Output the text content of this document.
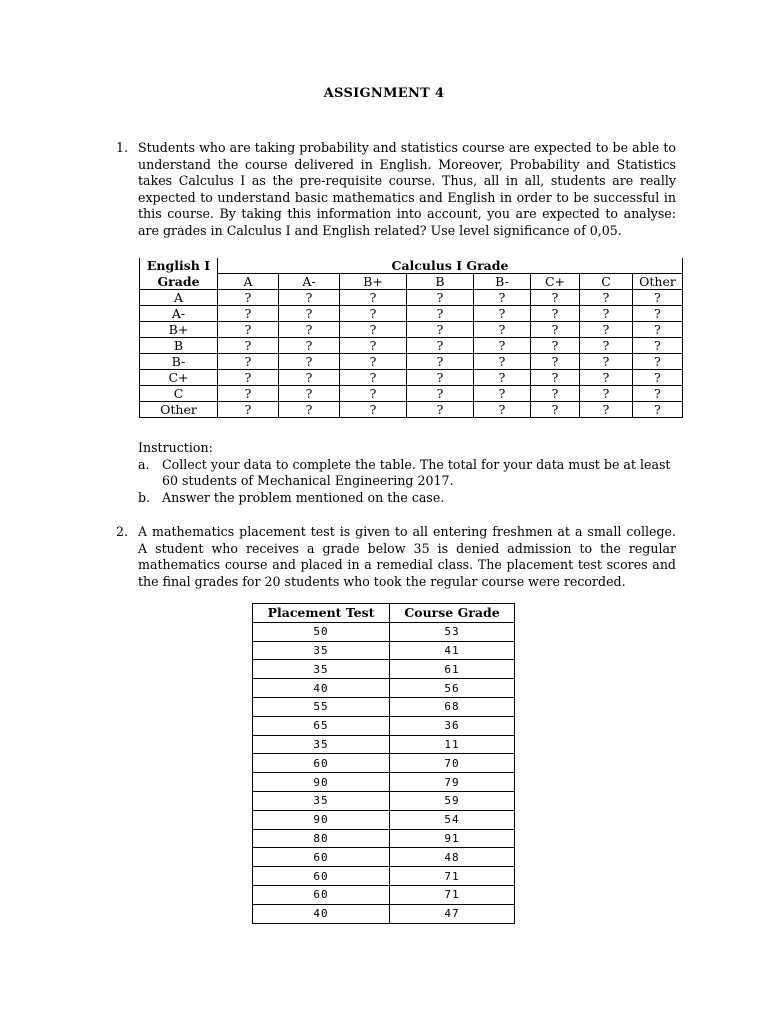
ASSIGNMENT 4
1. Students who are taking probability and statistics course are expected to be able to understand the course delivered in English. Moreover, Probability and Statistics takes Calculus I as the pre-requisite course. Thus, all in all, students are really expected to understand basic mathematics and English in order to be successful in this course. By taking this information into account, you are expected to analyse: are grades in Calculus I and English related? Use level significance of 0,05.
English I	Calculus I Grade							
Grade	A	A-	B+	B	B-	C+	C	Other
A	?	?	?	?	?	?	?	?
A-	?	?	?	?	?	?	?	?
B+	?	?	?	?	?	?	?	?
B	?	?	?	?	?	?	?	?
B-	?	?	?	?	?	?	?	?
C+	?	?	?	?	?	?	?	?
C	?	?	?	?	?	?	?	?
Other	?	?	?	?	?	?	?	?
Instruction:
a. Collect your data to complete the table. The total for your data must be at least 60 students of Mechanical Engineering 2017.
b. Answer the problem mentioned on the case.
2. A mathematics placement test is given to all entering freshmen at a small college. A student who receives a grade below 35 is denied admission to the regular mathematics course and placed in a remedial class. The placement test scores and the final grades for 20 students who took the regular course were recorded.
Placement Test	Course Grade
50	53
35	41
35	61
40	56
55	68
65	36
35	11
60	70
90	79
35	59
90	54
80	91
60	48
60	71
60	71
40	47
